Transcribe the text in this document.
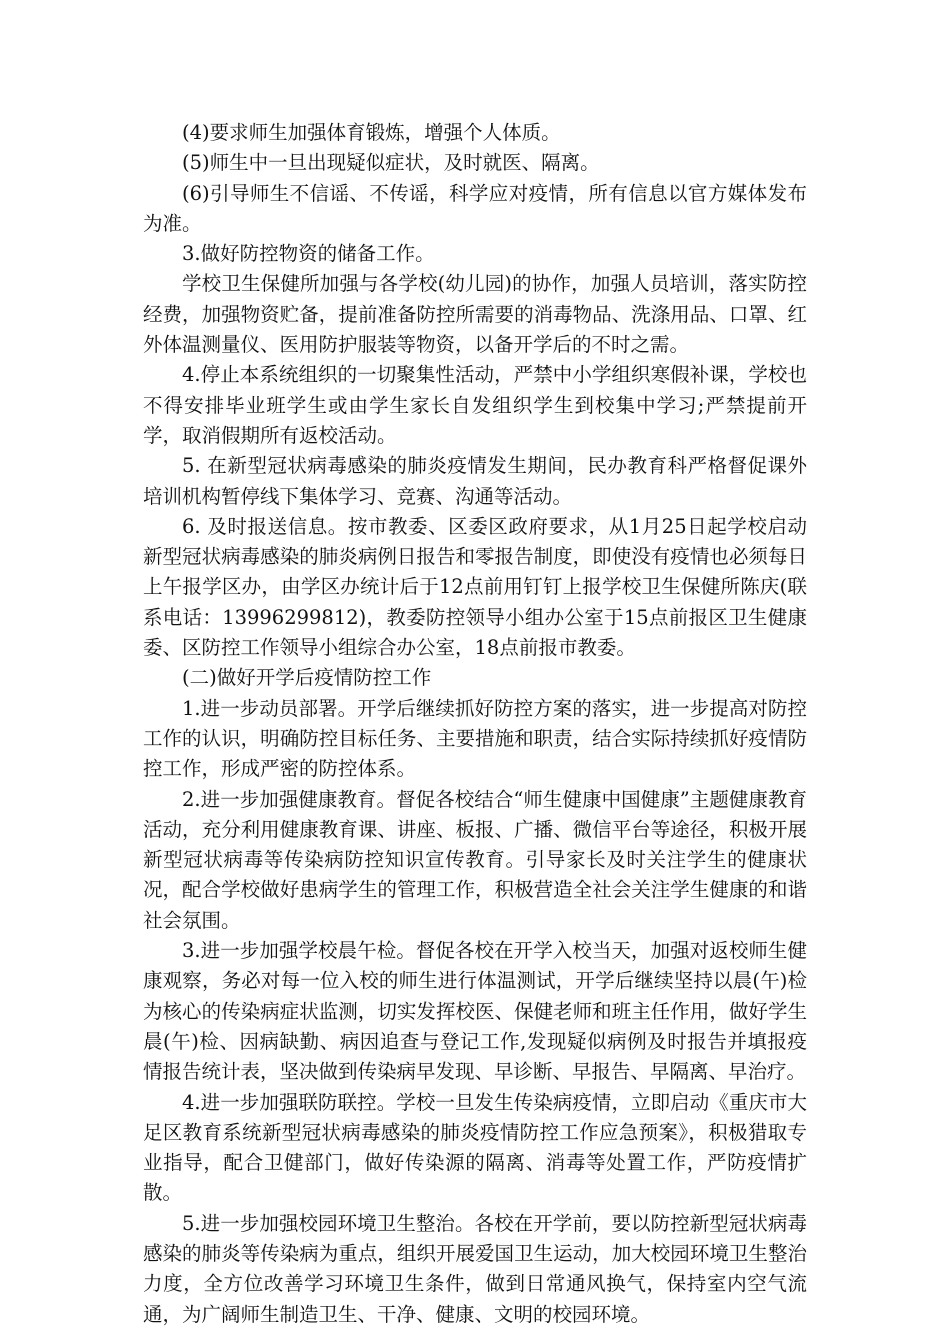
(4)要求师生加强体育锻炼，增强个人体质。

(5)师生中一旦出现疑似症状，及时就医、隔离。

(6)引导师生不信谣、不传谣，科学应对疫情，所有信息以官方媒体发布为准。

3.做好防控物资的储备工作。

学校卫生保健所加强与各学校(幼儿园)的协作，加强人员培训，落实防控经费，加强物资贮备，提前准备防控所需要的消毒物品、洗涤用品、口罩、红外体温测量仪、医用防护服装等物资，以备开学后的不时之需。

4.停止本系统组织的一切聚集性活动，严禁中小学组织寒假补课，学校也不得安排毕业班学生或由学生家长自发组织学生到校集中学习;严禁提前开学，取消假期所有返校活动。

5. 在新型冠状病毒感染的肺炎疫情发生期间，民办教育科严格督促课外培训机构暂停线下集体学习、竞赛、沟通等活动。

6. 及时报送信息。按市教委、区委区政府要求，从1月25日起学校启动新型冠状病毒感染的肺炎病例日报告和零报告制度，即使没有疫情也必须每日上午报学区办，由学区办统计后于12点前用钉钉上报学校卫生保健所陈庆(联系电话：13996299812)，教委防控领导小组办公室于15点前报区卫生健康委、区防控工作领导小组综合办公室，18点前报市教委。

(二)做好开学后疫情防控工作

1.进一步动员部署。开学后继续抓好防控方案的落实，进一步提高对防控工作的认识，明确防控目标任务、主要措施和职责，结合实际持续抓好疫情防控工作，形成严密的防控体系。

2.进一步加强健康教育。督促各校结合“师生健康中国健康”主题健康教育活动，充分利用健康教育课、讲座、板报、广播、微信平台等途径，积极开展新型冠状病毒等传染病防控知识宣传教育。引导家长及时关注学生的健康状况，配合学校做好患病学生的管理工作，积极营造全社会关注学生健康的和谐社会氛围。

3.进一步加强学校晨午检。督促各校在开学入校当天，加强对返校师生健康观察，务必对每一位入校的师生进行体温测试，开学后继续坚持以晨(午)检为核心的传染病症状监测，切实发挥校医、保健老师和班主任作用，做好学生晨(午)检、因病缺勤、病因追查与登记工作,发现疑似病例及时报告并填报疫情报告统计表，坚决做到传染病早发现、早诊断、早报告、早隔离、早治疗。

4.进一步加强联防联控。学校一旦发生传染病疫情，立即启动《重庆市大足区教育系统新型冠状病毒感染的肺炎疫情防控工作应急预案》，积极猎取专业指导，配合卫健部门，做好传染源的隔离、消毒等处置工作，严防疫情扩散。

5.进一步加强校园环境卫生整治。各校在开学前，要以防控新型冠状病毒感染的肺炎等传染病为重点，组织开展爱国卫生运动，加大校园环境卫生整治力度，全方位改善学习环境卫生条件，做到日常通风换气，保持室内空气流通，为广阔师生制造卫生、干净、健康、文明的校园环境。
